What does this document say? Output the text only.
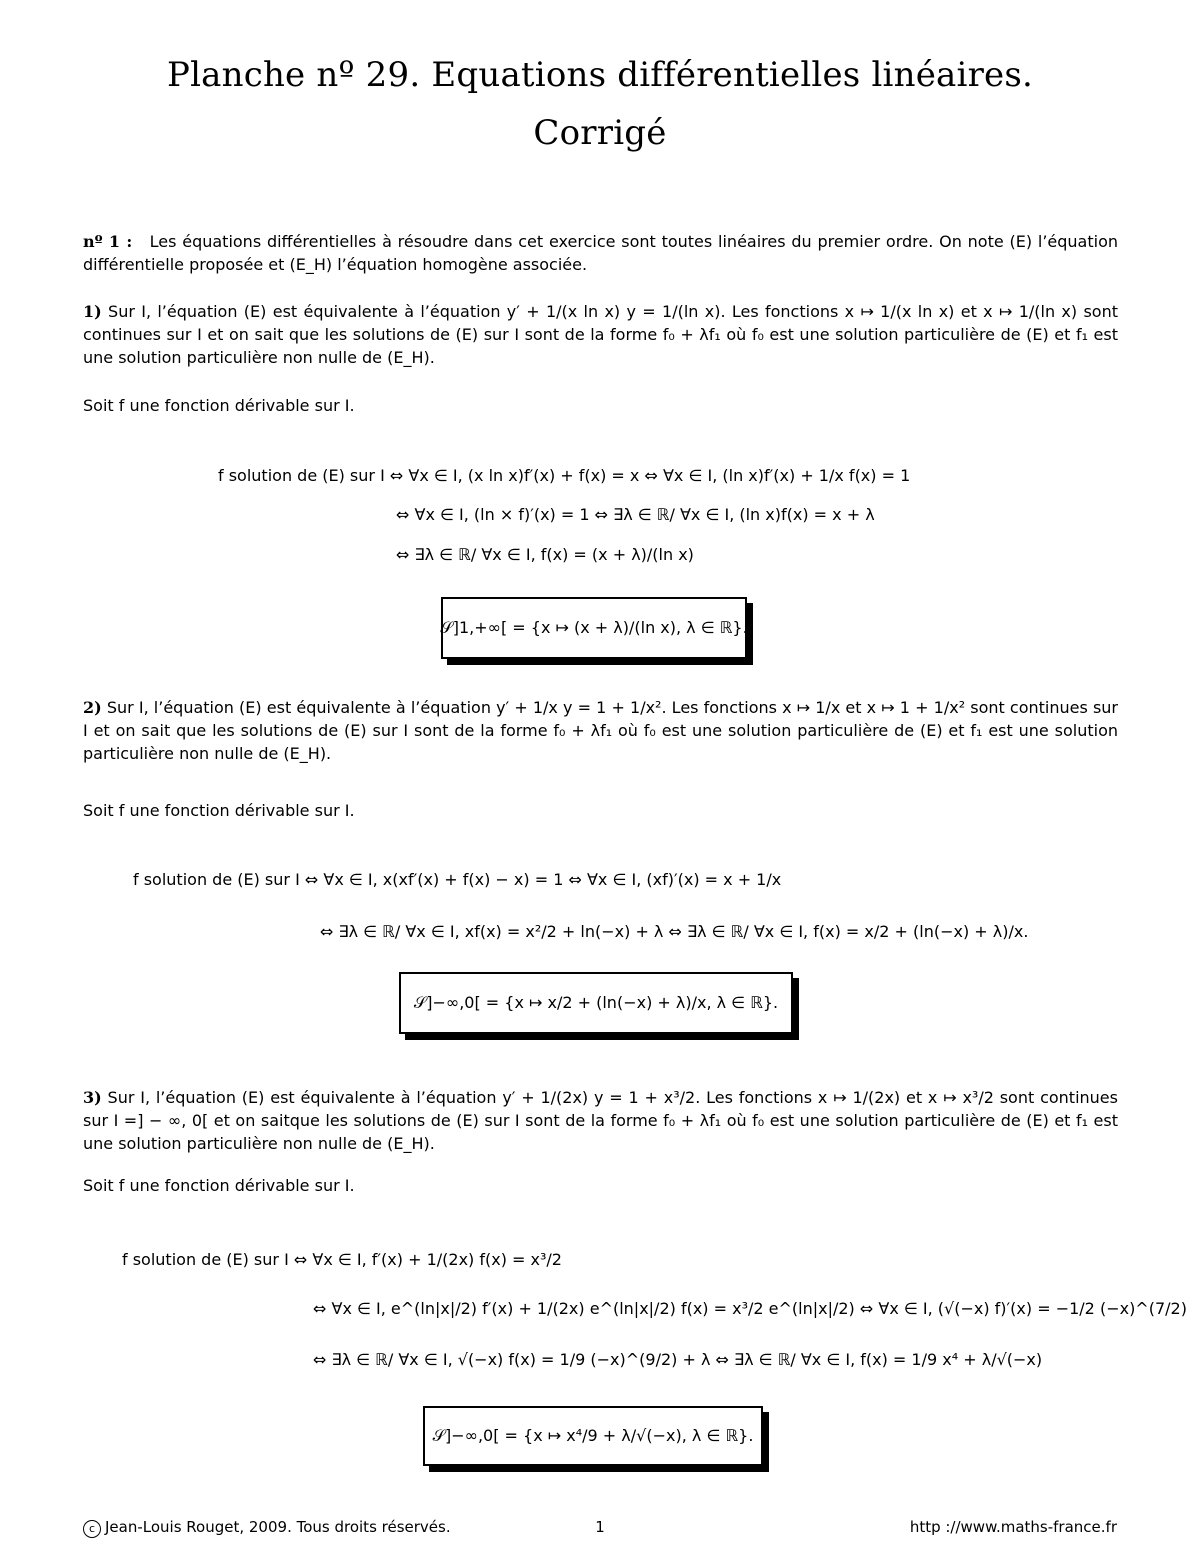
Planche nº 29. Equations différentielles linéaires.
Corrigé
nº 1 : Les équations différentielles à résoudre dans cet exercice sont toutes linéaires du premier ordre. On note (E) l’équation différentielle proposée et (E_H) l’équation homogène associée.
1) Sur I, l’équation (E) est équivalente à l’équation y′ + 1/(x ln x) y = 1/(ln x). Les fonctions x ↦ 1/(x ln x) et x ↦ 1/(ln x) sont continues sur I et on sait que les solutions de (E) sur I sont de la forme f₀ + λf₁ où f₀ est une solution particulière de (E) et f₁ est une solution particulière non nulle de (E_H).
Soit f une fonction dérivable sur I.
f solution de (E) sur I ⇔ ∀x ∈ I, (x ln x)f′(x) + f(x) = x ⇔ ∀x ∈ I, (ln x)f′(x) + 1/x f(x) = 1
⇔ ∀x ∈ I, (ln × f)′(x) = 1 ⇔ ∃λ ∈ ℝ/ ∀x ∈ I, (ln x)f(x) = x + λ
⇔ ∃λ ∈ ℝ/ ∀x ∈ I, f(x) = (x + λ)/(ln x)
𝒮]1,+∞[ = {x ↦ (x + λ)/(ln x), λ ∈ ℝ}.
2) Sur I, l’équation (E) est équivalente à l’équation y′ + 1/x y = 1 + 1/x². Les fonctions x ↦ 1/x et x ↦ 1 + 1/x² sont continues sur I et on sait que les solutions de (E) sur I sont de la forme f₀ + λf₁ où f₀ est une solution particulière de (E) et f₁ est une solution particulière non nulle de (E_H).
Soit f une fonction dérivable sur I.
f solution de (E) sur I ⇔ ∀x ∈ I, x(xf′(x) + f(x) − x) = 1 ⇔ ∀x ∈ I, (xf)′(x) = x + 1/x
⇔ ∃λ ∈ ℝ/ ∀x ∈ I, xf(x) = x²/2 + ln(−x) + λ ⇔ ∃λ ∈ ℝ/ ∀x ∈ I, f(x) = x/2 + (ln(−x) + λ)/x.
𝒮]−∞,0[ = {x ↦ x/2 + (ln(−x) + λ)/x, λ ∈ ℝ}.
3) Sur I, l’équation (E) est équivalente à l’équation y′ + 1/(2x) y = 1 + x³/2. Les fonctions x ↦ 1/(2x) et x ↦ x³/2 sont continues sur I =] − ∞, 0[ et on saitque les solutions de (E) sur I sont de la forme f₀ + λf₁ où f₀ est une solution particulière de (E) et f₁ est une solution particulière non nulle de (E_H).
Soit f une fonction dérivable sur I.
f solution de (E) sur I ⇔ ∀x ∈ I, f′(x) + 1/(2x) f(x) = x³/2
⇔ ∀x ∈ I, e^(ln|x|/2) f′(x) + 1/(2x) e^(ln|x|/2) f(x) = x³/2 e^(ln|x|/2) ⇔ ∀x ∈ I, (√(−x) f)′(x) = −1/2 (−x)^(7/2)
⇔ ∃λ ∈ ℝ/ ∀x ∈ I, √(−x) f(x) = 1/9 (−x)^(9/2) + λ ⇔ ∃λ ∈ ℝ/ ∀x ∈ I, f(x) = 1/9 x⁴ + λ/√(−x)
𝒮]−∞,0[ = {x ↦ x⁴/9 + λ/√(−x), λ ∈ ℝ}.
c Jean-Louis Rouget, 2009. Tous droits réservés.	1	http ://www.maths-france.fr
